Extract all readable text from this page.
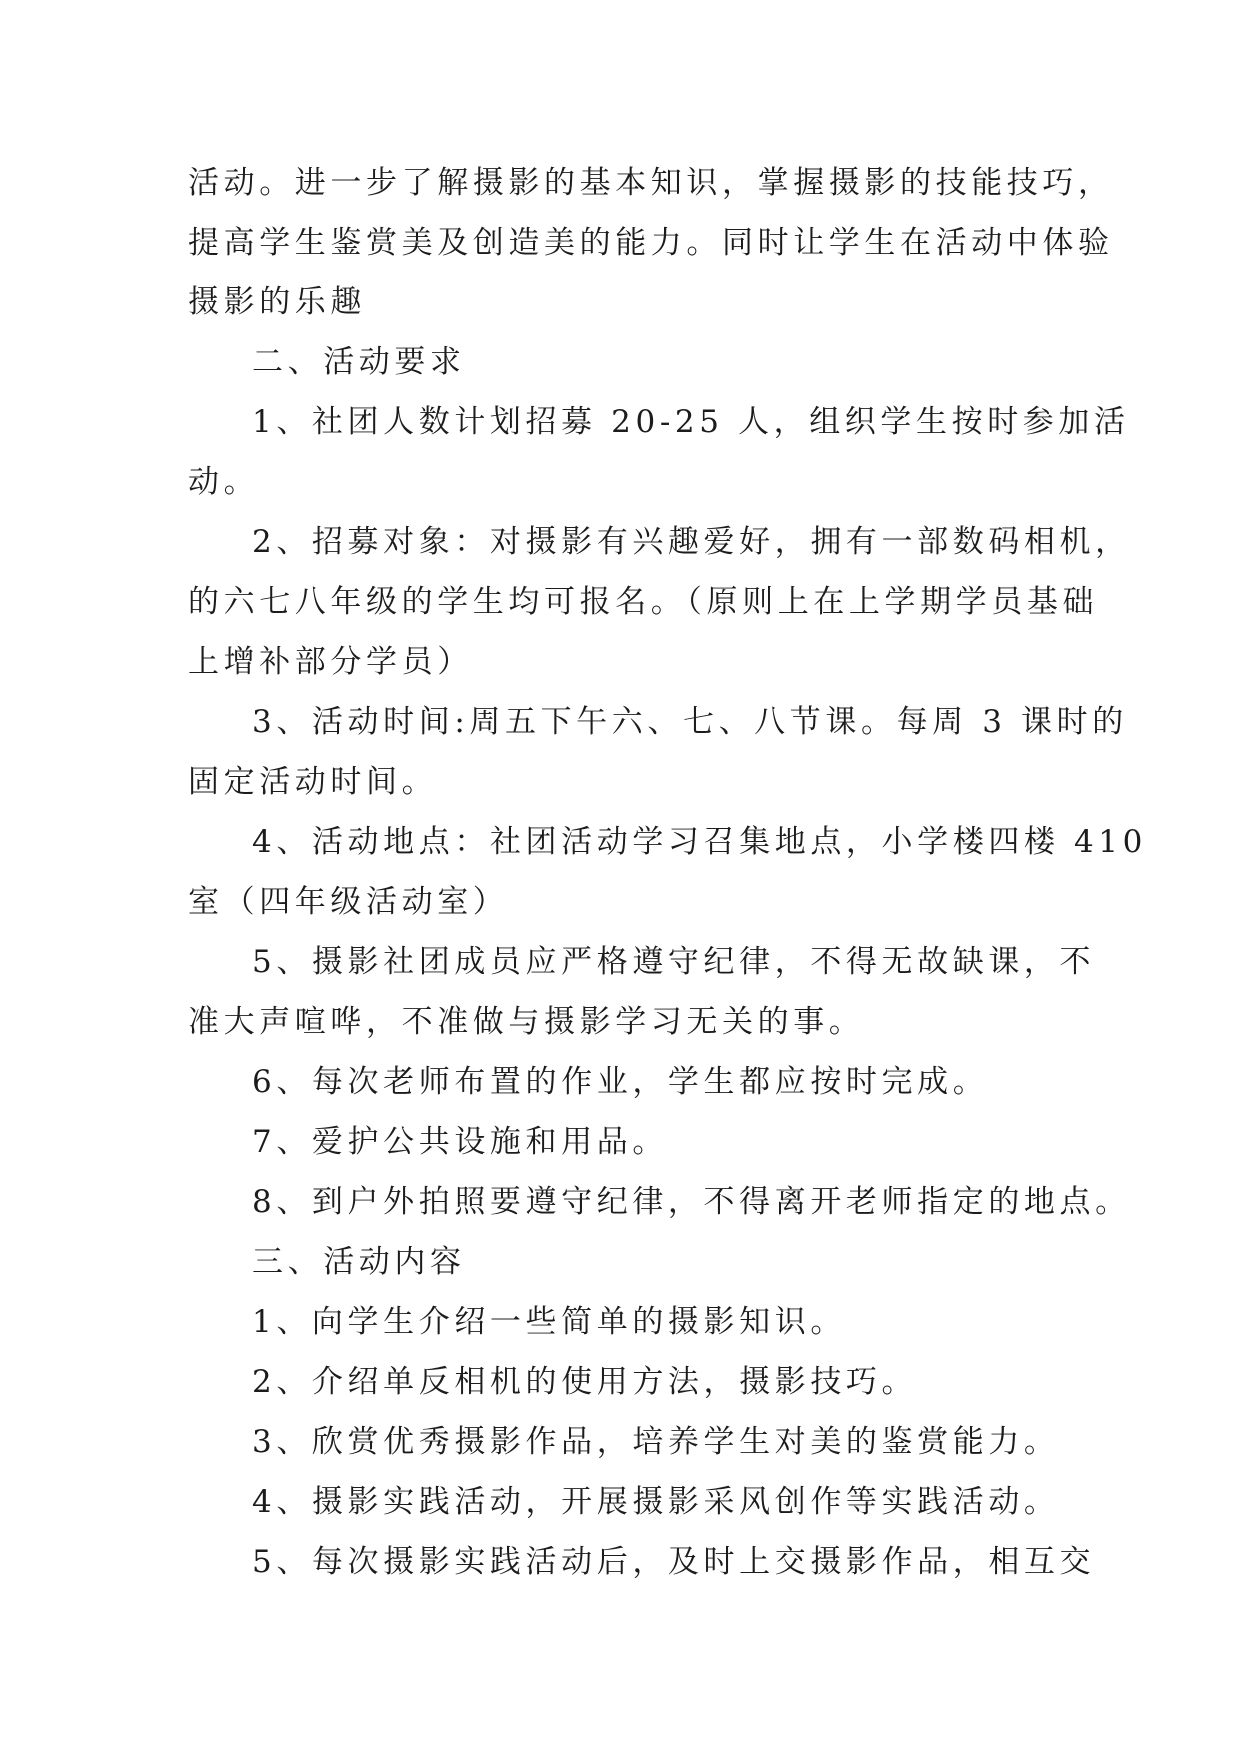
活动。进一步了解摄影的基本知识，掌握摄影的技能技巧，
提高学生鉴赏美及创造美的能力。同时让学生在活动中体验
摄影的乐趣
二、活动要求
1、社团人数计划招募 20-25 人，组织学生按时参加活
动。
2、招募对象：对摄影有兴趣爱好，拥有一部数码相机，
的六七八年级的学生均可报名。（原则上在上学期学员基础
上增补部分学员）
3、活动时间:周五下午六、七、八节课。每周 3 课时的
固定活动时间。
4、活动地点：社团活动学习召集地点，小学楼四楼 410
室（四年级活动室）
5、摄影社团成员应严格遵守纪律，不得无故缺课，不
准大声喧哗，不准做与摄影学习无关的事。
6、每次老师布置的作业，学生都应按时完成。
7、爱护公共设施和用品。
8、到户外拍照要遵守纪律，不得离开老师指定的地点。
三、活动内容
1、向学生介绍一些简单的摄影知识。
2、介绍单反相机的使用方法，摄影技巧。
3、欣赏优秀摄影作品，培养学生对美的鉴赏能力。
4、摄影实践活动，开展摄影采风创作等实践活动。
5、每次摄影实践活动后，及时上交摄影作品，相互交
